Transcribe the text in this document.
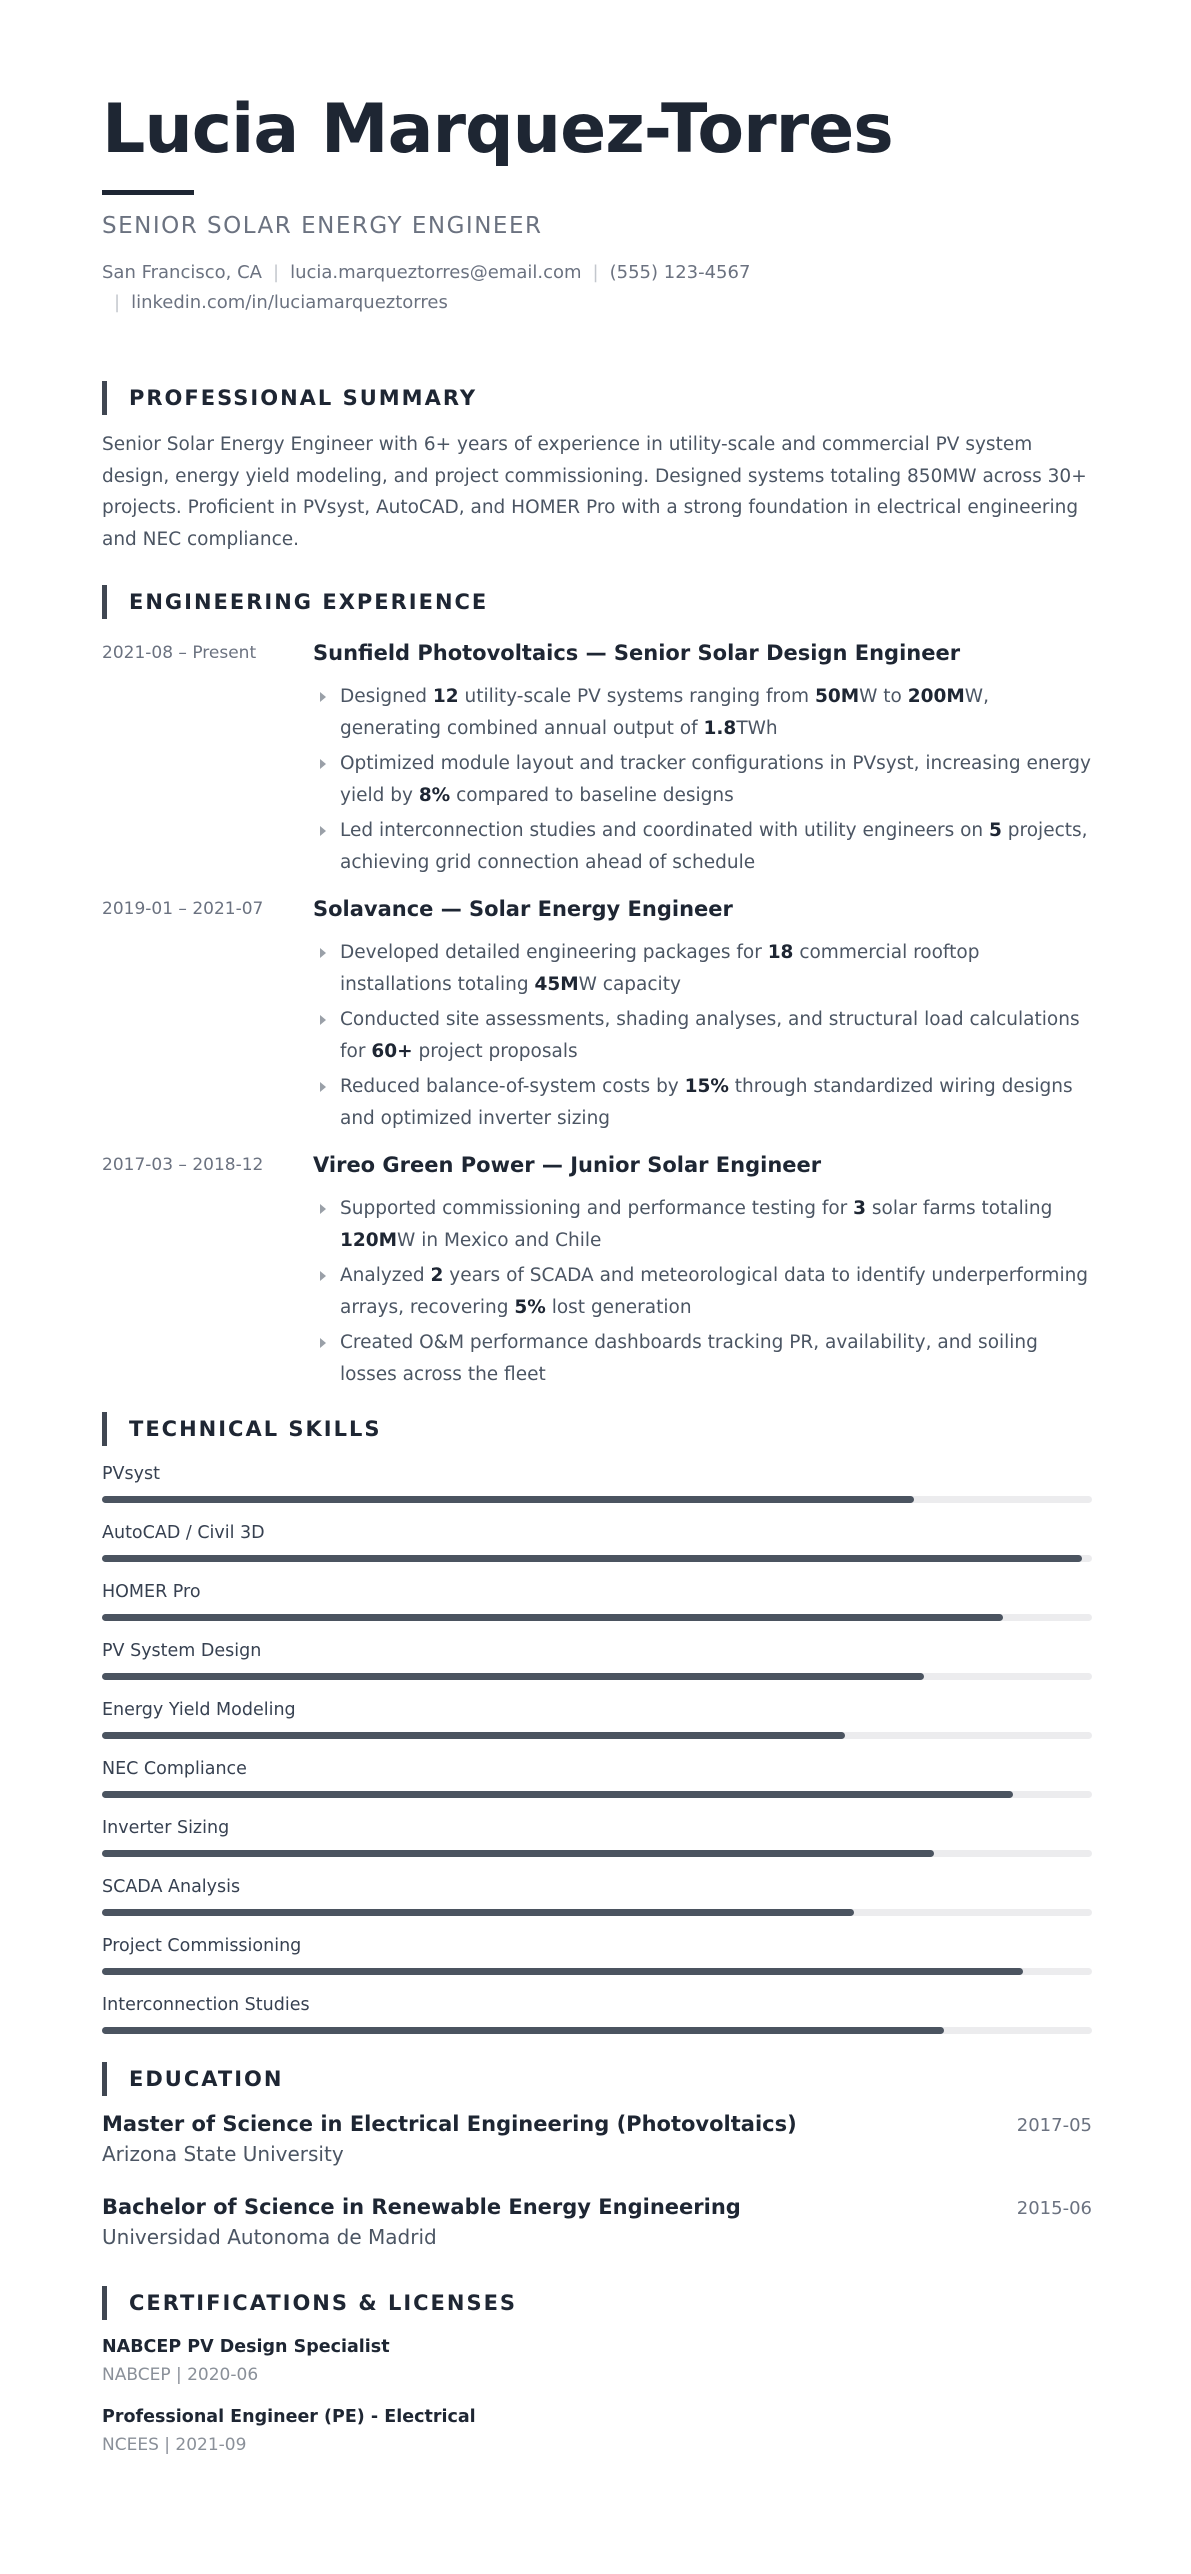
Lucia Marquez-Torres
SENIOR SOLAR ENERGY ENGINEER
San Francisco, CA | lucia.marqueztorres@email.com | (555) 123-4567
| linkedin.com/in/luciamarqueztorres
PROFESSIONAL SUMMARY

Senior Solar Energy Engineer with 6+ years of experience in utility-scale and commercial PV system design, energy yield modeling, and project commissioning. Designed systems totaling 850MW across 30+ projects. Proficient in PVsyst, AutoCAD, and HOMER Pro with a strong foundation in electrical engineering and NEC compliance.

ENGINEERING EXPERIENCE
2021-08 – Present	Sunfield Photovoltaics — Senior Solar Design Engineer
Designed 12 utility-scale PV systems ranging from 50MW to 200MW, generating combined annual output of 1.8TWh
Optimized module layout and tracker configurations in PVsyst, increasing energy yield by 8% compared to baseline designs
Led interconnection studies and coordinated with utility engineers on 5 projects, achieving grid connection ahead of schedule
2019-01 – 2021-07 Solavance — Solar Energy Engineer
Developed detailed engineering packages for 18 commercial rooftop installations totaling 45MW capacity
Conducted site assessments, shading analyses, and structural load calculations for 60+ project proposals
Reduced balance-of-system costs by 15% through standardized wiring designs and optimized inverter sizing
2017-03 – 2018-12 Vireo Green Power — Junior Solar Engineer
Supported commissioning and performance testing for 3 solar farms totaling 120MW in Mexico and Chile
Analyzed 2 years of SCADA and meteorological data to identify underperforming arrays, recovering 5% lost generation
Created O&M performance dashboards tracking PR, availability, and soiling losses across the fleet
TECHNICAL SKILLS
PVsyst
AutoCAD / Civil 3D
HOMER Pro
PV System Design
Energy Yield Modeling
NEC Compliance
Inverter Sizing
SCADA Analysis
Project Commissioning
Interconnection Studies
EDUCATION
Master of Science in Electrical Engineering (Photovoltaics)
Arizona State University
2017-05
Bachelor of Science in Renewable Energy Engineering
Universidad Autonoma de Madrid
2015-06
CERTIFICATIONS & LICENSES
NABCEP PV Design Specialist
NABCEP | 2020-06
Professional Engineer (PE) - Electrical
NCEES | 2021-09
